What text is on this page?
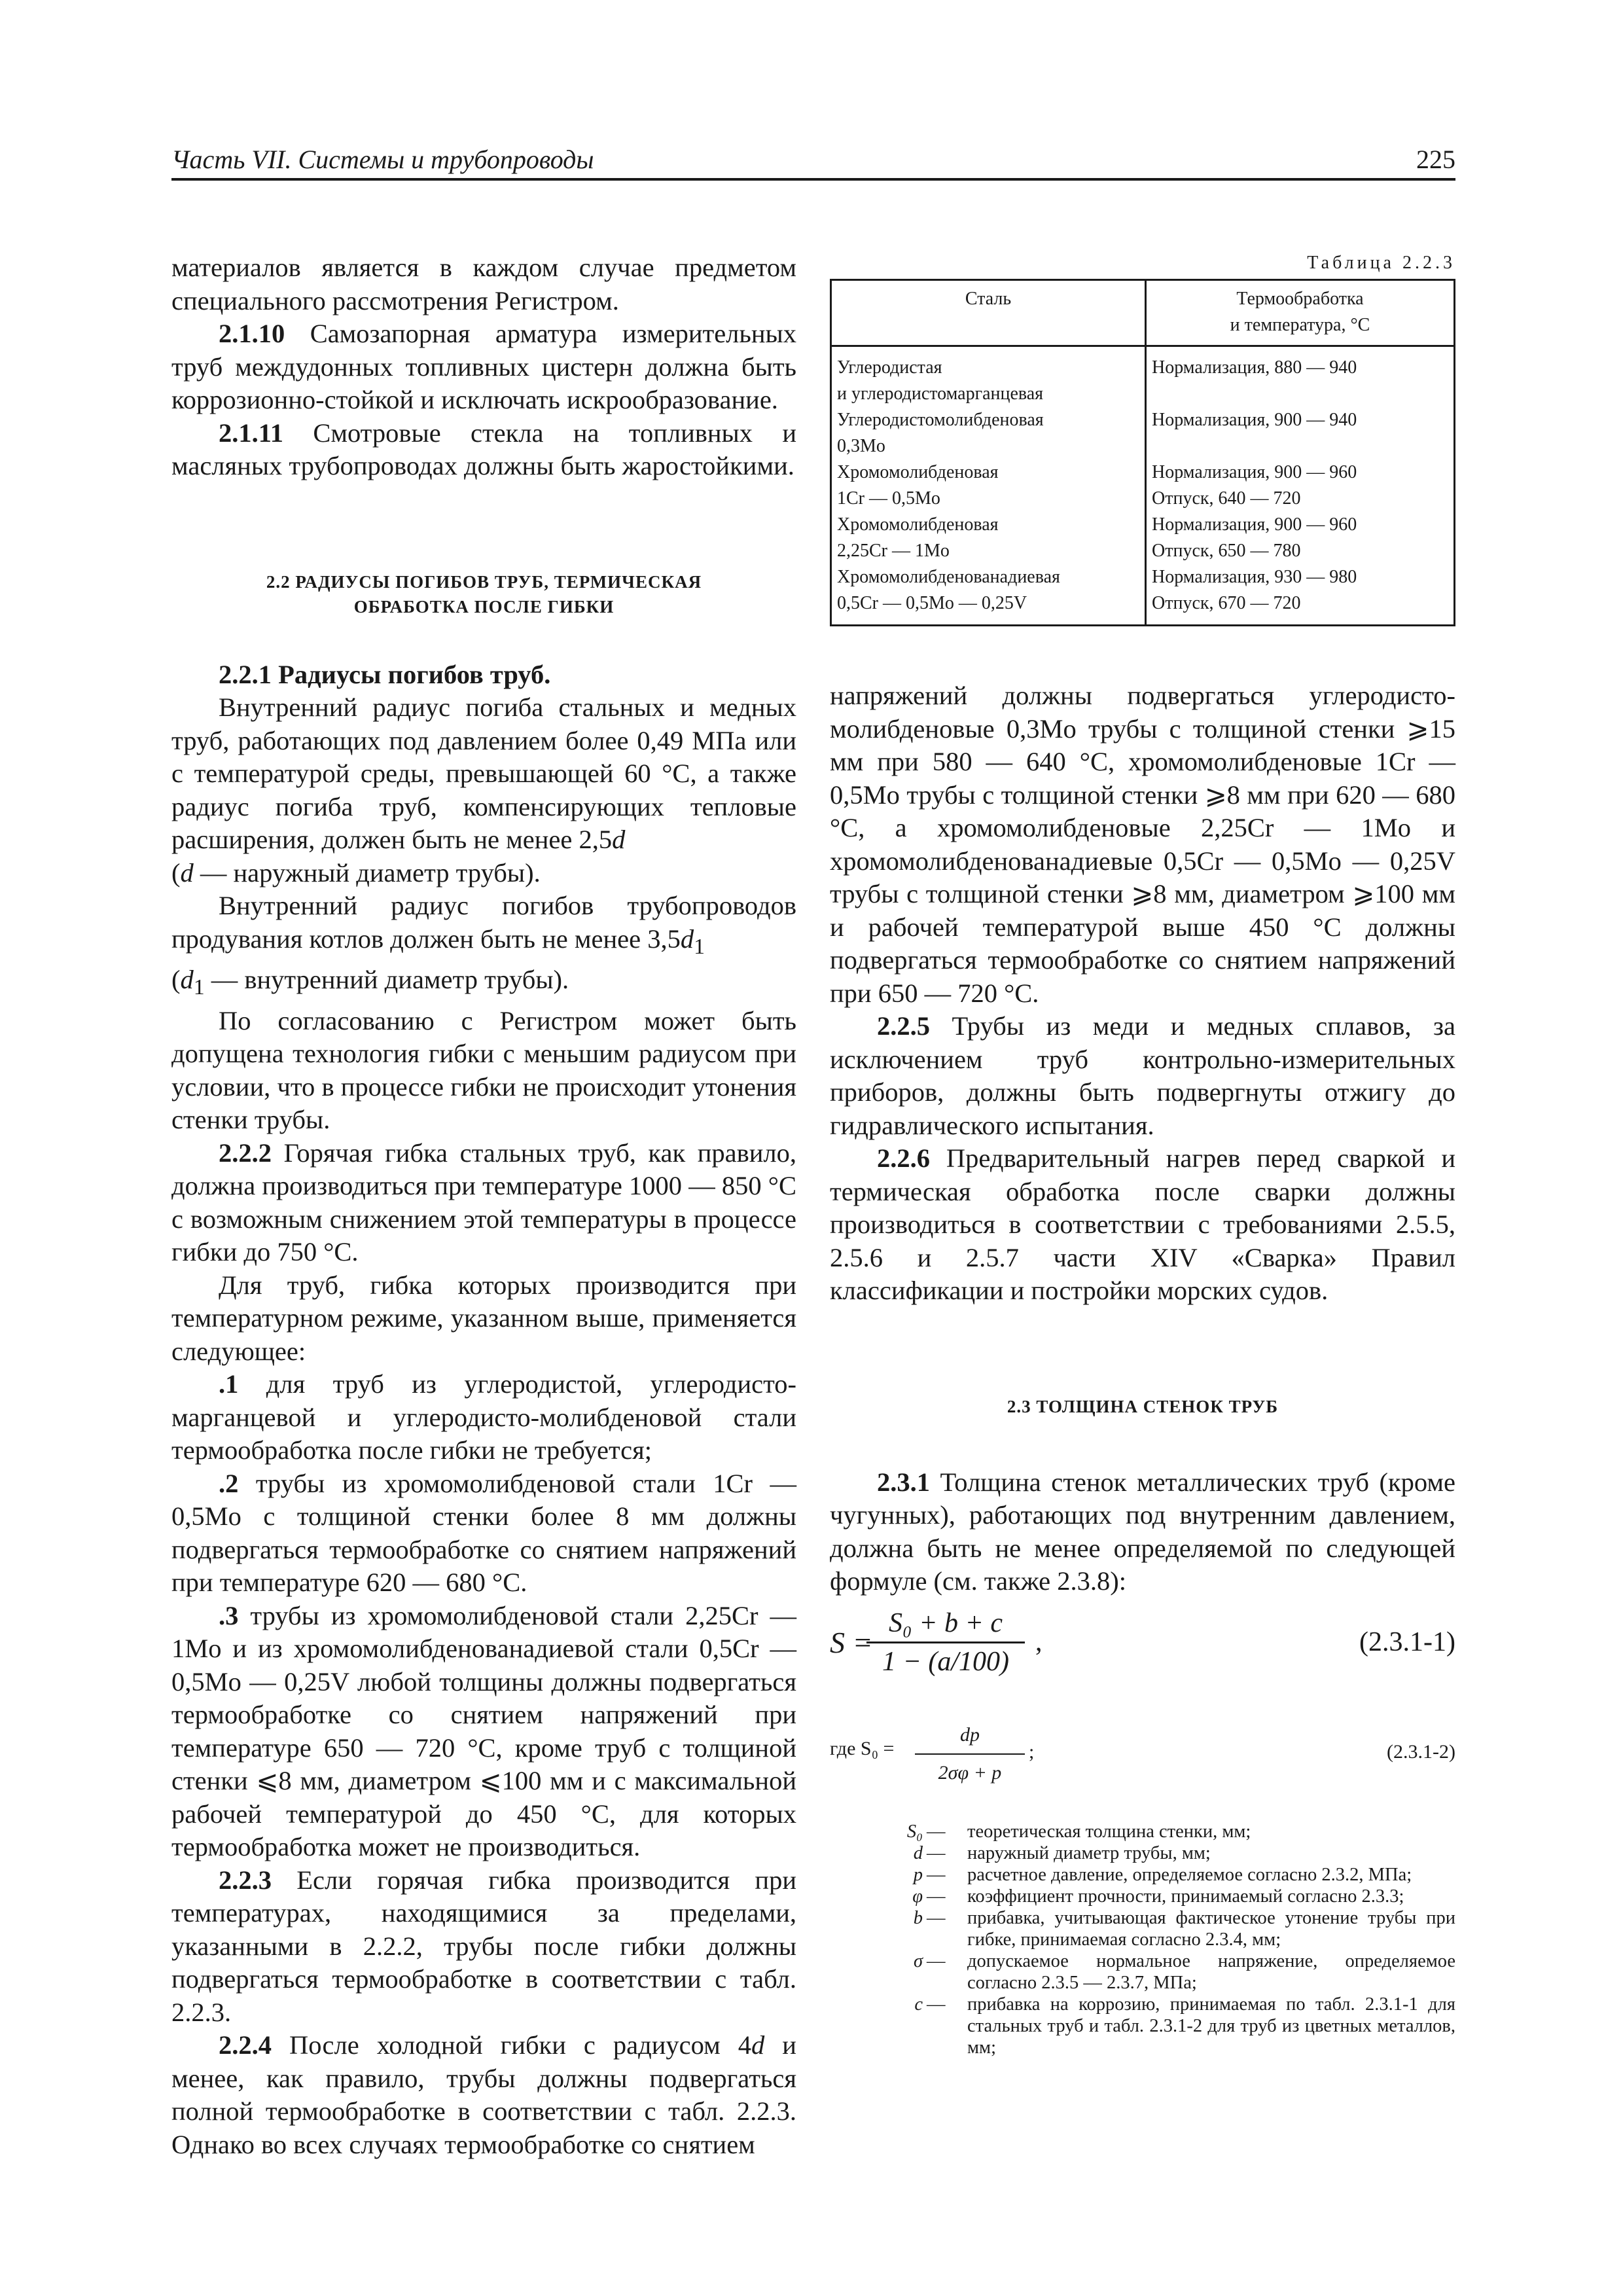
Часть VII. Системы и трубопроводы	225

материалов является в каждом случае предметом специального рассмотрения Регистром.

2.1.10 Самозапорная арматура измерительных труб междудонных топливных цистерн должна быть коррозионно-стойкой и исключать искрообразование.

2.1.11 Смотровые стекла на топливных и масляных трубопроводах должны быть жаростойкими.

2.2 РАДИУСЫ ПОГИБОВ ТРУБ, ТЕРМИЧЕСКАЯ
ОБРАБОТКА ПОСЛЕ ГИБКИ

2.2.1 Радиусы погибов труб.

Внутренний радиус погиба стальных и медных труб, работающих под давлением более 0,49 МПа или с температурой среды, превышающей 60 °С, а также радиус погиба труб, компенсирующих тепловые расширения, должен быть не менее 2,5d
(d — наружный диаметр трубы).

Внутренний радиус погибов трубопроводов продувания котлов должен быть не менее $3,5d_1$
($d_1$ — внутренний диаметр трубы).

По согласованию с Регистром может быть допущена технология гибки с меньшим радиусом при условии, что в процессе гибки не происходит утонения стенки трубы.

2.2.2 Горячая гибка стальных труб, как правило, должна производиться при температуре 1000 — 850 °С с возможным снижением этой температуры в процессе гибки до 750 °С.

Для труб, гибка которых производится при температурном режиме, указанном выше, применяется следующее:

.1 для труб из углеродистой, углеродисто-марганцевой и углеродисто-молибденовой стали термообработка после гибки не требуется;

.2 трубы из хромомолибденовой стали 1Cr — 0,5Mo с толщиной стенки более 8 мм должны подвергаться термообработке со снятием напряжений при температуре 620 — 680 °С.

.3 трубы из хромомолибденовой стали 2,25Cr — 1Mo и из хромомолибденованадиевой стали 0,5Cr — 0,5Mo — 0,25V любой толщины должны подвергаться термообработке со снятием напряжений при температуре 650 — 720 °С, кроме труб с толщиной стенки ⩽8 мм, диаметром ⩽100 мм и с максимальной рабочей температурой до 450 °С, для которых термообработка может не производиться.

2.2.3 Если горячая гибка производится при температурах, находящимися за пределами, указанными в 2.2.2, трубы после гибки должны подвергаться термообработке в соответствии с табл. 2.2.3.

2.2.4 После холодной гибки с радиусом 4d и менее, как правило, трубы должны подвергаться полной термообработке в соответствии с табл. 2.2.3. Однако во всех случаях термообработке со снятием

Таблица 2.2.3

Сталь	Термообработка
и температура, °С
Углеродистая	Нормализация, 880 — 940
и углеродистомарганцевая	
Углеродистомолибденовая	Нормализация, 900 — 940
0,3Mo	
Хромомолибденовая	Нормализация, 900 — 960
1Cr — 0,5Mo	Отпуск, 640 — 720
Хромомолибденовая	Нормализация, 900 — 960
2,25Cr — 1Mo	Отпуск, 650 — 780
Хромомолибденованадиевая	Нормализация, 930 — 980
0,5Cr — 0,5Mo — 0,25V	Отпуск, 670 — 720

напряжений должны подвергаться углеродисто-молибденовые 0,3Mo трубы с толщиной стенки ⩾15 мм при 580 — 640 °С, хромомолибденовые 1Cr — 0,5Mo трубы с толщиной стенки ⩾8 мм при 620 — 680 °С, а хромомолибденовые 2,25Cr — 1Mo и хромомолибденованадиевые 0,5Cr — 0,5Mo — 0,25V трубы с толщиной стенки ⩾8 мм, диаметром ⩾100 мм и рабочей температурой выше 450 °С должны подвергаться термообработке со снятием напряжений при 650 — 720 °С.

2.2.5 Трубы из меди и медных сплавов, за исключением труб контрольно-измерительных приборов, должны быть подвергнуты отжигу до гидравлического испытания.

2.2.6 Предварительный нагрев перед сваркой и термическая обработка после сварки должны производиться в соответствии с требованиями 2.5.5, 2.5.6 и 2.5.7 части XIV «Сварка» Правил классификации и постройки морских судов.

2.3 ТОЛЩИНА СТЕНОК ТРУБ

2.3.1 Толщина стенок металлических труб (кроме чугунных), работающих под внутренним давлением, должна быть не менее определяемой по следующей формуле (см. также 2.3.8):

S =
S₀ + b + c
1 − (a/100)
,	(2.3.1-1)
где S₀ =
dp
2σφ + p
;	(2.3.1-2)
S₀ — теоретическая толщина стенки, мм;
d — наружный диаметр трубы, мм;
p — расчетное давление, определяемое согласно 2.3.2, МПа;
φ — коэффициент прочности, принимаемый согласно 2.3.3;
b — прибавка, учитывающая фактическое утонение трубы при гибке, принимаемая согласно 2.3.4, мм;
σ — допускаемое нормальное напряжение, определяемое согласно 2.3.5 — 2.3.7, МПа;
c — прибавка на коррозию, принимаемая по табл. 2.3.1-1 для стальных труб и табл. 2.3.1-2 для труб из цветных металлов, мм;
